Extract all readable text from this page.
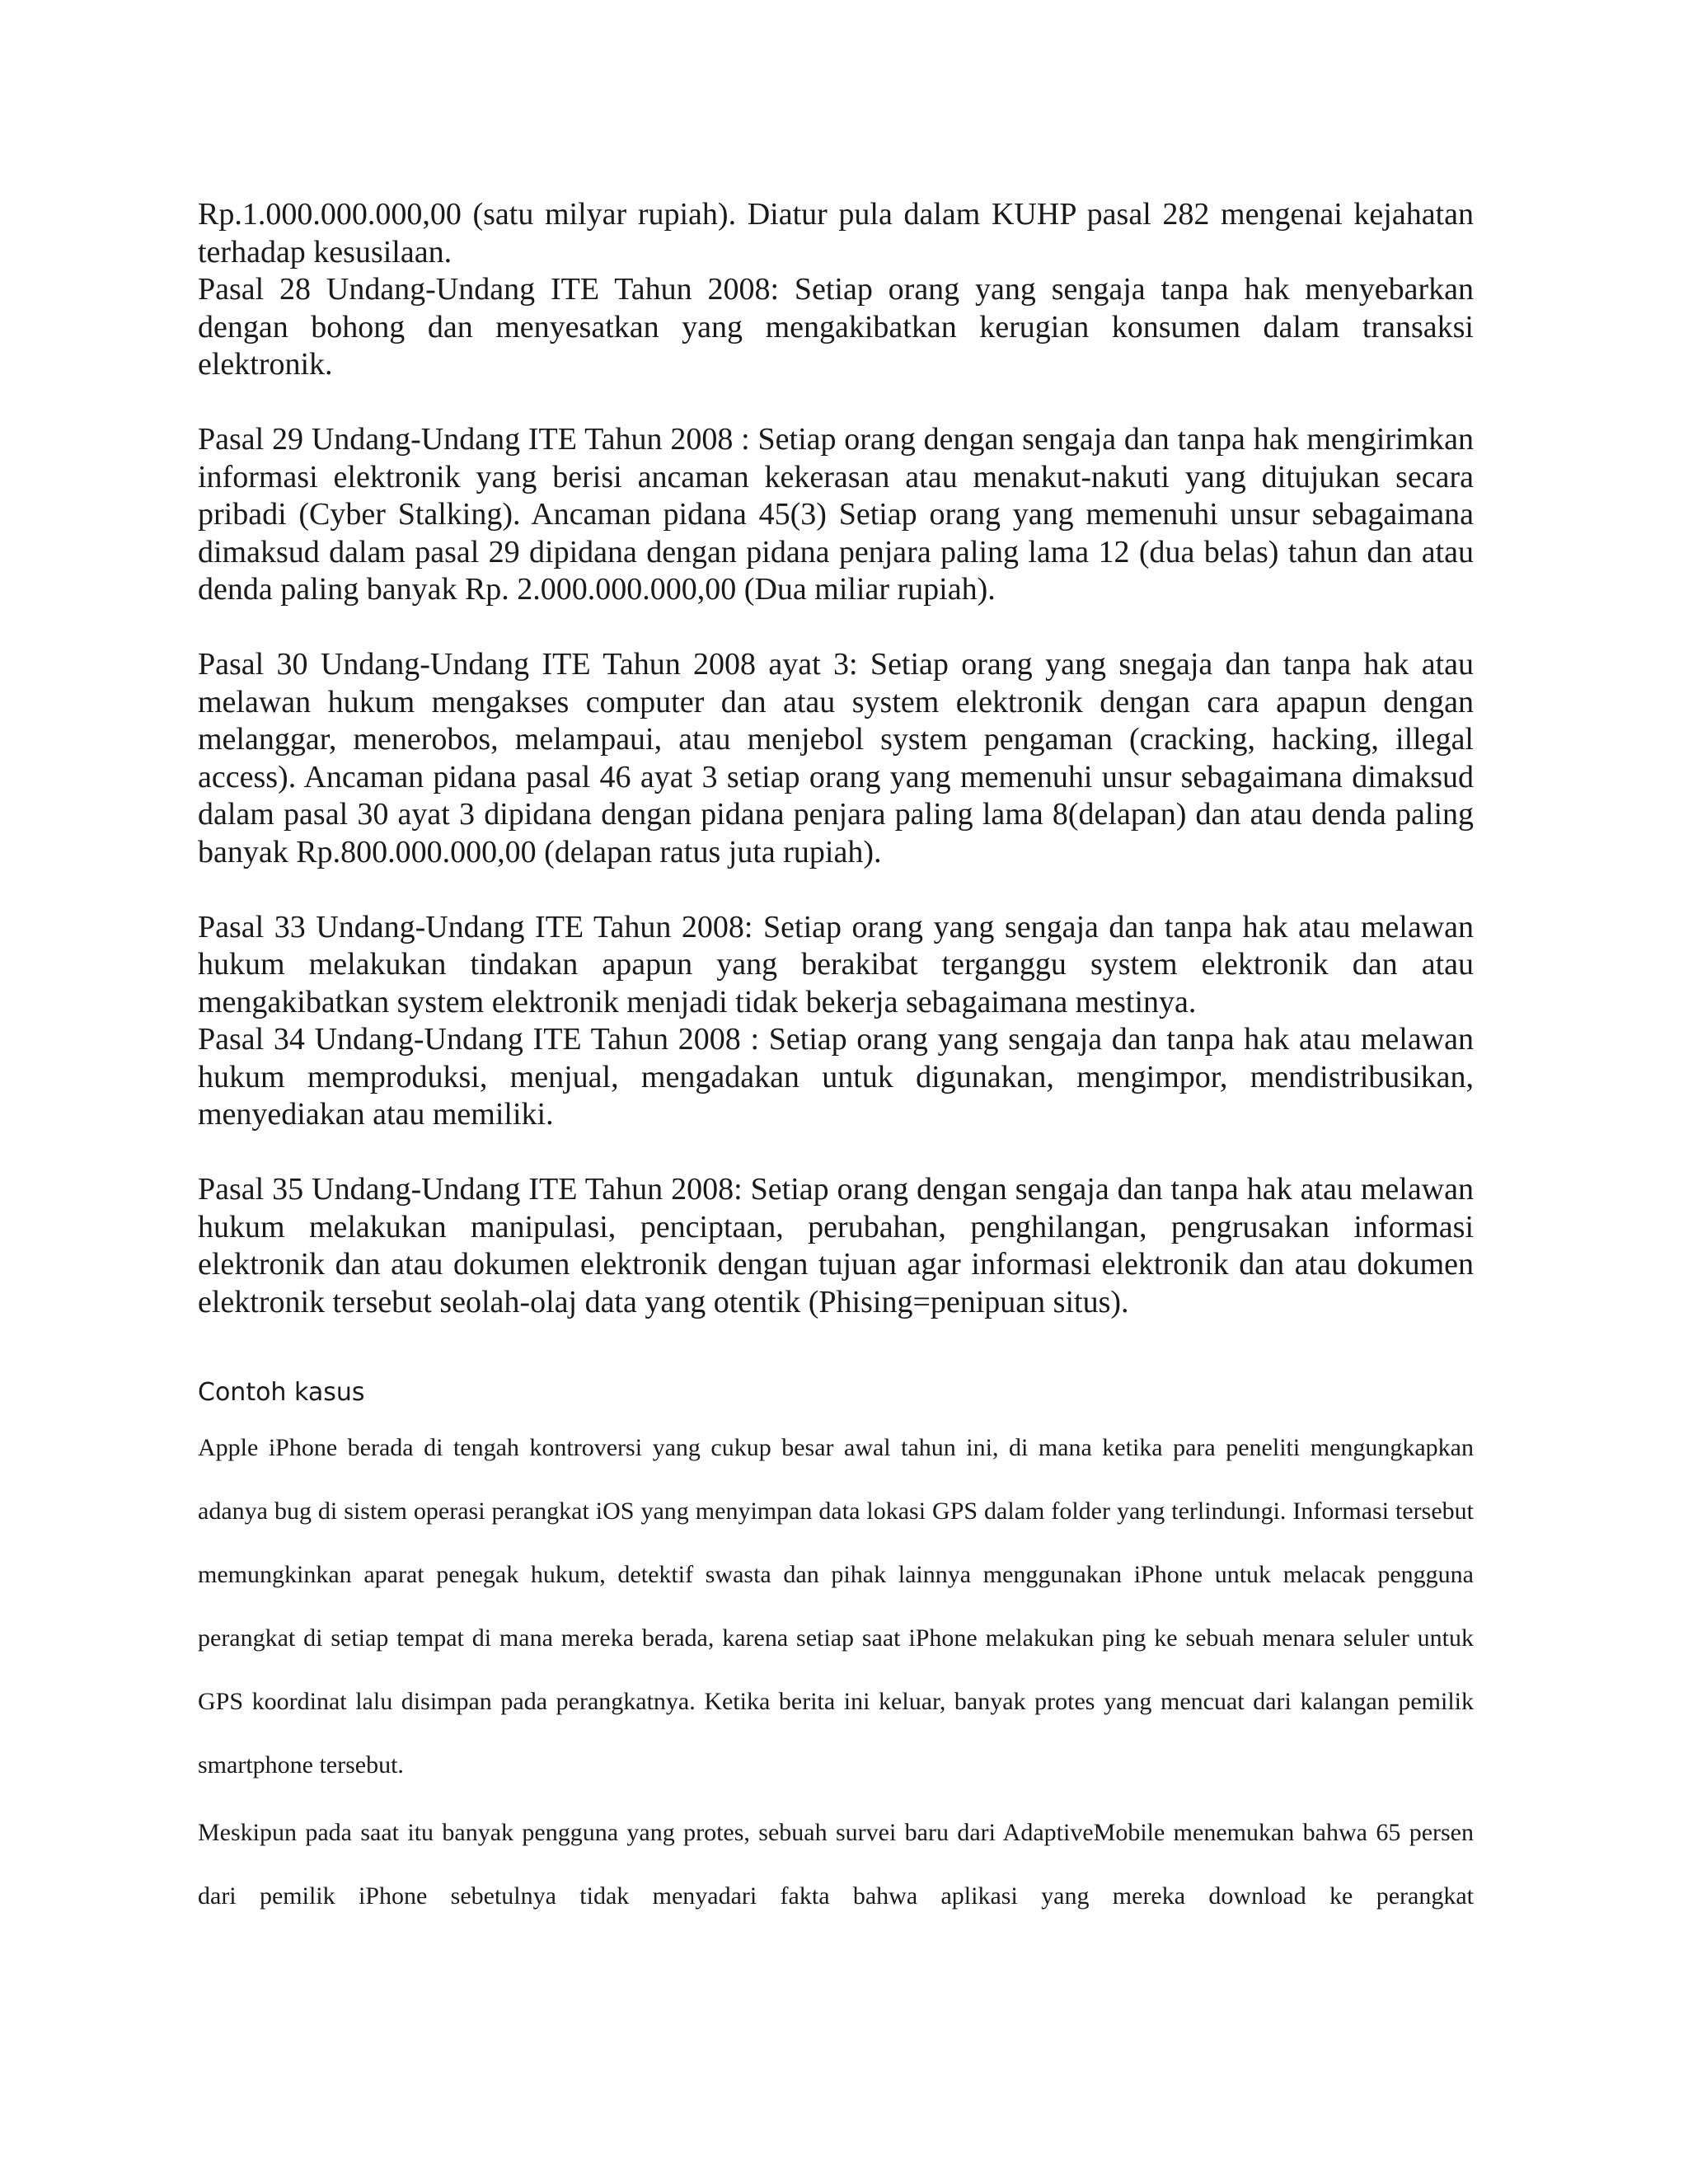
Rp.1.000.000.000,00 (satu milyar rupiah). Diatur pula dalam KUHP pasal 282 mengenai kejahatan terhadap kesusilaan.

Pasal 28 Undang-Undang ITE Tahun 2008: Setiap orang yang sengaja tanpa hak menyebarkan dengan bohong dan menyesatkan yang mengakibatkan kerugian konsumen dalam transaksi elektronik.

Pasal 29 Undang-Undang ITE Tahun 2008 : Setiap orang dengan sengaja dan tanpa hak mengirimkan informasi elektronik yang berisi ancaman kekerasan atau menakut-nakuti yang ditujukan secara pribadi (Cyber Stalking). Ancaman pidana 45(3) Setiap orang yang memenuhi unsur sebagaimana dimaksud dalam pasal 29 dipidana dengan pidana penjara paling lama 12 (dua belas) tahun dan atau denda paling banyak Rp. 2.000.000.000,00 (Dua miliar rupiah).

Pasal 30 Undang-Undang ITE Tahun 2008 ayat 3: Setiap orang yang snegaja dan tanpa hak atau melawan hukum mengakses computer dan atau system elektronik dengan cara apapun dengan melanggar, menerobos, melampaui, atau menjebol system pengaman (cracking, hacking, illegal access). Ancaman pidana pasal 46 ayat 3 setiap orang yang memenuhi unsur sebagaimana dimaksud dalam pasal 30 ayat 3 dipidana dengan pidana penjara paling lama 8(delapan) dan atau denda paling banyak Rp.800.000.000,00 (delapan ratus juta rupiah).

Pasal 33 Undang-Undang ITE Tahun 2008: Setiap orang yang sengaja dan tanpa hak atau melawan hukum melakukan tindakan apapun yang berakibat terganggu system elektronik dan atau mengakibatkan system elektronik menjadi tidak bekerja sebagaimana mestinya.

Pasal 34 Undang-Undang ITE Tahun 2008 : Setiap orang yang sengaja dan tanpa hak atau melawan hukum memproduksi, menjual, mengadakan untuk digunakan, mengimpor, mendistribusikan, menyediakan atau memiliki.

Pasal 35 Undang-Undang ITE Tahun 2008: Setiap orang dengan sengaja dan tanpa hak atau melawan hukum melakukan manipulasi, penciptaan, perubahan, penghilangan, pengrusakan informasi elektronik dan atau dokumen elektronik dengan tujuan agar informasi elektronik dan atau dokumen elektronik tersebut seolah-olaj data yang otentik (Phising=penipuan situs).

Contoh kasus

Apple iPhone berada di tengah kontroversi yang cukup besar awal tahun ini, di mana ketika para peneliti mengungkapkan adanya bug di sistem operasi perangkat iOS yang menyimpan data lokasi GPS dalam folder yang terlindungi. Informasi tersebut memungkinkan aparat penegak hukum, detektif swasta dan pihak lainnya menggunakan iPhone untuk melacak pengguna perangkat di setiap tempat di mana mereka berada, karena setiap saat iPhone melakukan ping ke sebuah menara seluler untuk GPS koordinat lalu disimpan pada perangkatnya. Ketika berita ini keluar, banyak protes yang mencuat dari kalangan pemilik smartphone tersebut.

Meskipun pada saat itu banyak pengguna yang protes, sebuah survei baru dari AdaptiveMobile menemukan bahwa 65 persen dari pemilik iPhone sebetulnya tidak menyadari fakta bahwa aplikasi yang mereka download ke perangkat
